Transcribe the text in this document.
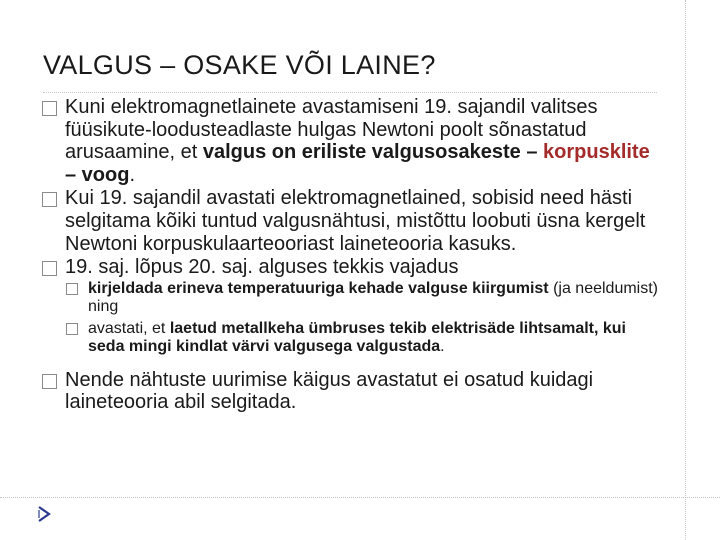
VALGUS – OSAKE VÕI LAINE?

Kuni elektromagnetlainete avastamiseni 19. sajandil valitses füüsikute-loodusteadlaste hulgas Newtoni poolt sõnastatud arusaamine, et valgus on eriliste valgusosakeste – korpusklite – voog.

Kui 19. sajandil avastati elektromagnetlained, sobisid need hästi selgitama kõiki tuntud valgusnähtusi, mistõttu loobuti üsna kergelt Newtoni korpuskulaarteooriast laineteooria kasuks.

19. saj. lõpus 20. saj. alguses tekkis vajadus

kirjeldada erineva temperatuuriga kehade valguse kiirgumist (ja neeldumist) ning

avastati, et laetud metallkeha ümbruses tekib elektrisäde lihtsamalt, kui seda mingi kindlat värvi valgusega valgustada.

Nende nähtuste uurimise käigus avastatut ei osatud kuidagi laineteooria abil selgitada.
